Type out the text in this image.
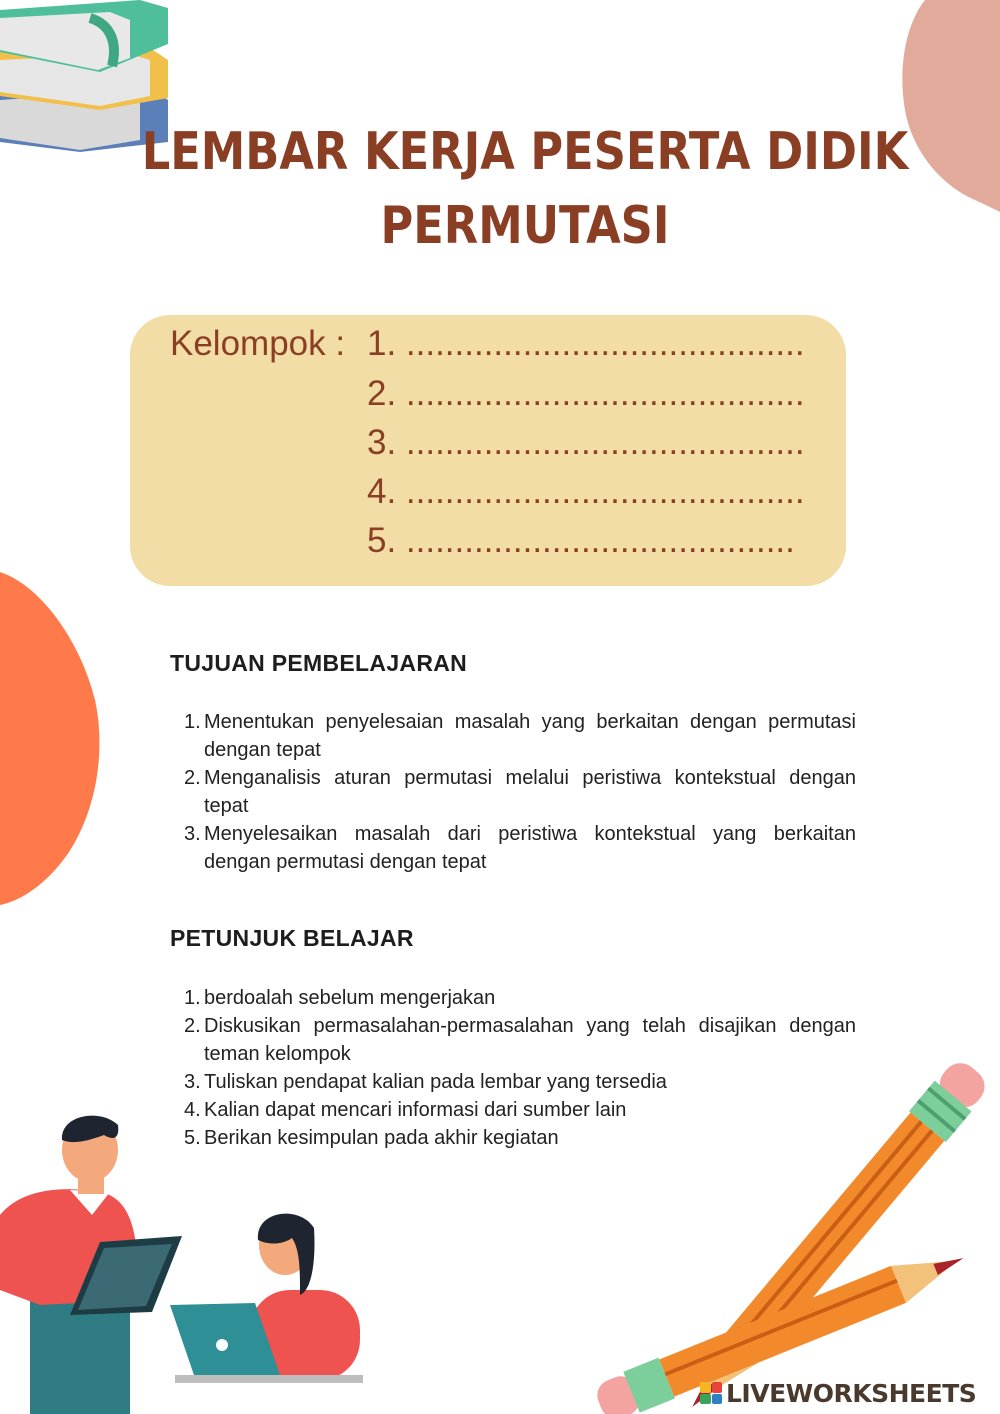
LEMBAR KERJA PESERTA DIDIK
PERMUTASI
Kelompok : 1. .........................................
2. .........................................
3. .........................................
4. .........................................
5. ........................................
TUJUAN PEMBELAJARAN
1. Menentukan penyelesaian masalah yang berkaitan dengan permutasi dengan tepat
2. Menganalisis aturan permutasi melalui peristiwa kontekstual dengan tepat
3. Menyelesaikan masalah dari peristiwa kontekstual yang berkaitan dengan permutasi dengan tepat
PETUNJUK BELAJAR
1. berdoalah sebelum mengerjakan
2. Diskusikan permasalahan-permasalahan yang telah disajikan dengan teman kelompok
3. Tuliskan pendapat kalian pada lembar yang tersedia
4. Kalian dapat mencari informasi dari sumber lain
5. Berikan kesimpulan pada akhir kegiatan
LIVEWORKSHEETS
